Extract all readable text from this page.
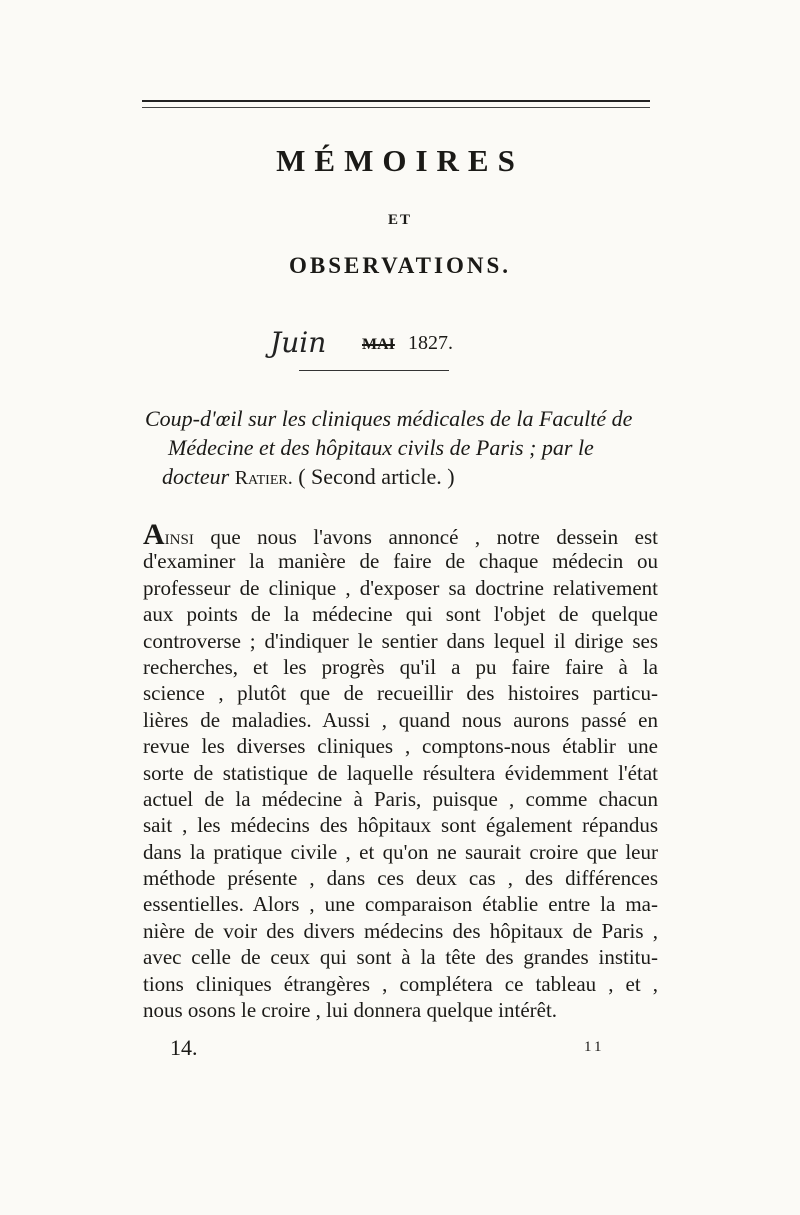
MÉMOIRES
ET
OBSERVATIONS.
Juin MAI 1827.
Coup-d'œil sur les cliniques médicales de la Faculté de
Médecine et des hôpitaux civils de Paris ; par le
docteur Ratier. ( Second article. )
Ainsi que nous l'avons annoncé , notre dessein est
d'examiner la manière de faire de chaque médecin ou
professeur de clinique , d'exposer sa doctrine relativement
aux points de la médecine qui sont l'objet de quelque
controverse ; d'indiquer le sentier dans lequel il dirige ses
recherches, et les progrès qu'il a pu faire faire à la
science , plutôt que de recueillir des histoires particu-
lières de maladies. Aussi , quand nous aurons passé en
revue les diverses cliniques , comptons-nous établir une
sorte de statistique de laquelle résultera évidemment l'état
actuel de la médecine à Paris, puisque , comme chacun
sait , les médecins des hôpitaux sont également répandus
dans la pratique civile , et qu'on ne saurait croire que leur
méthode présente , dans ces deux cas , des différences
essentielles. Alors , une comparaison établie entre la ma-
nière de voir des divers médecins des hôpitaux de Paris ,
avec celle de ceux qui sont à la tête des grandes institu-
tions cliniques étrangères , complétera ce tableau , et ,
nous osons le croire , lui donnera quelque intérêt.
14.	11
